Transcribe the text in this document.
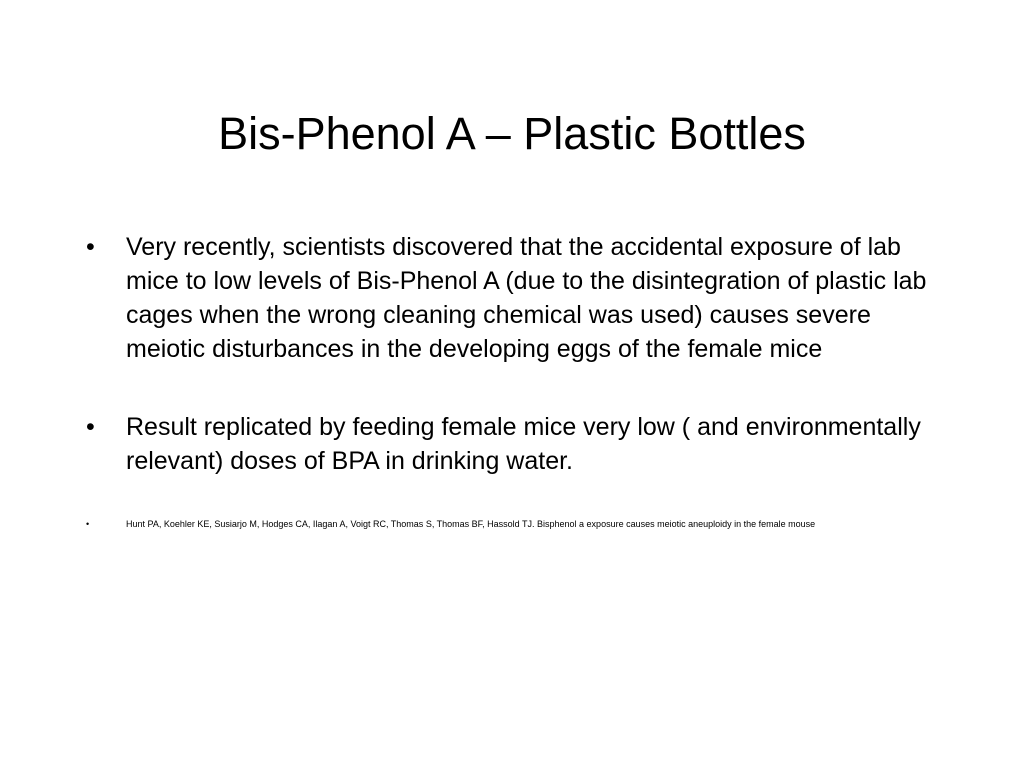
Bis-Phenol A – Plastic Bottles
•	Very recently, scientists discovered that the accidental exposure of lab mice to low levels of Bis-Phenol A (due to the disintegration of plastic lab cages when the wrong cleaning chemical was used) causes severe meiotic disturbances in the developing eggs of the female mice
•	Result replicated by feeding female mice very low ( and environmentally relevant) doses of BPA in drinking water.
•	Hunt PA, Koehler KE, Susiarjo M, Hodges CA, Ilagan A, Voigt RC, Thomas S, Thomas BF, Hassold TJ. Bisphenol a exposure causes meiotic aneuploidy in the female mouse
